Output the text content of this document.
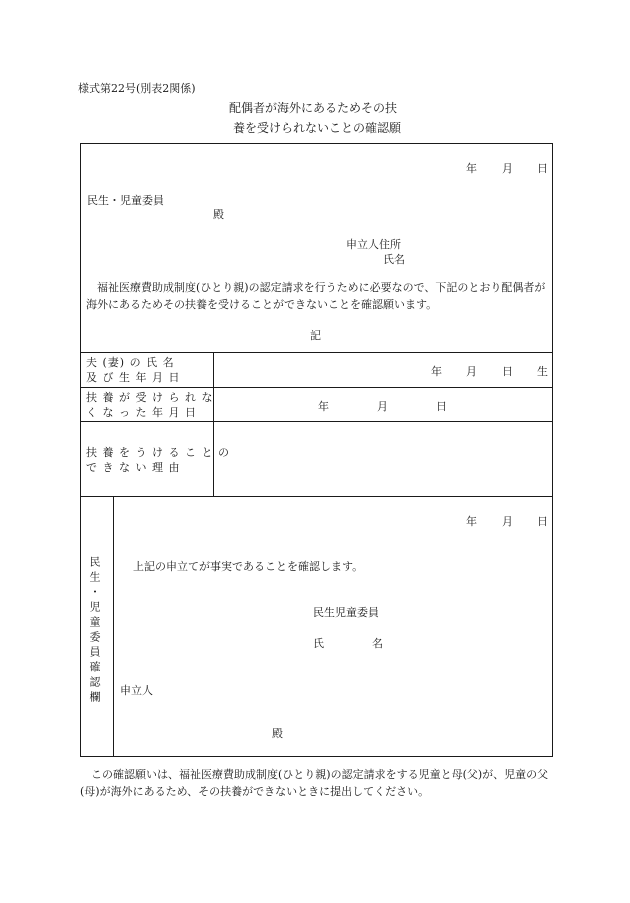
様式第22号(別表2関係)
配偶者が海外にあるためその扶
養を受けられないことの確認願
年 月 日
民生・児童委員
殿
申立人住所
氏名
福祉医療費助成制度(ひとり親)の認定請求を行うために必要なので、下記のとおり配偶者が海外にあるためその扶養を受けることができないことを確認願います。
記
夫 (妻) の 氏 名
及 び 生 年 月 日	年 月 日 生
扶 養 が 受 け ら れ な
く な っ た 年 月 日	年	月	日
扶 養 を う け る こ と の
で き な い 理 由
民生・児童委員確認欄
年 月 日
上記の申立てが事実であることを確認します。
民生児童委員
氏	名
申立人
殿
この確認願いは、福祉医療費助成制度(ひとり親)の認定請求をする児童と母(父)が、児童の父(母)が海外にあるため、その扶養ができないときに提出してください。
